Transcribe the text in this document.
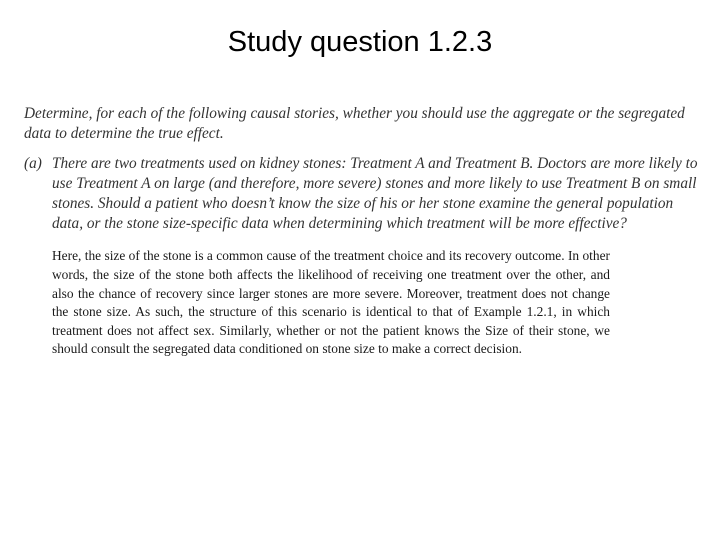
Study question 1.2.3

Determine, for each of the following causal stories, whether you should use the aggregate or the segregated data to determine the true effect.

(a) There are two treatments used on kidney stones: Treatment A and Treatment B. Doctors are more likely to use Treatment A on large (and therefore, more severe) stones and more likely to use Treatment B on small stones. Should a patient who doesn’t know the size of his or her stone examine the general population data, or the stone size-specific data when determining which treatment will be more effective?

Here, the size of the stone is a common cause of the treatment choice and its recovery outcome. In other words, the size of the stone both affects the likelihood of receiving one treatment over the other, and also the chance of recovery since larger stones are more severe. Moreover, treatment does not change the stone size. As such, the structure of this scenario is identical to that of Example 1.2.1, in which treatment does not affect sex. Similarly, whether or not the patient knows the Size of their stone, we should consult the segregated data conditioned on stone size to make a correct decision.
